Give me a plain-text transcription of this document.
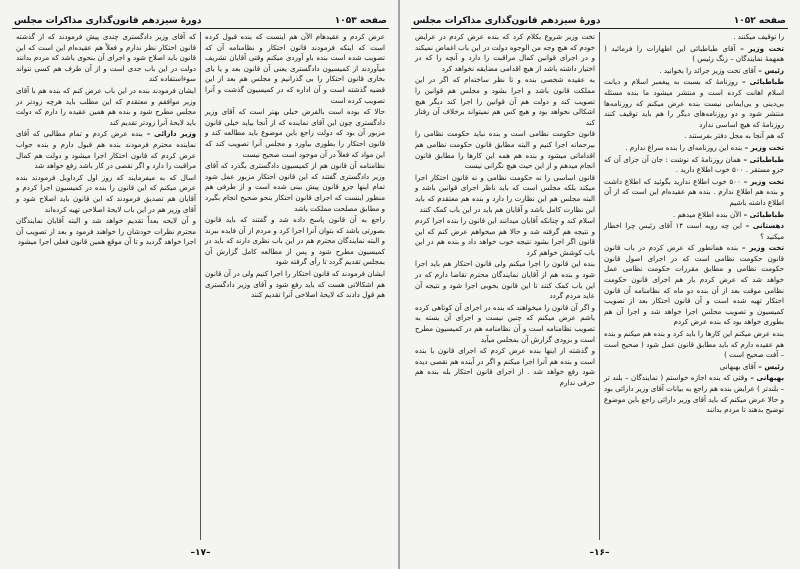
صفحه ۱۰۵۳
دورهٔ سیزدهم قانون‌گذاری مذاکرات مجلس

عرض کردم و عقیدهام الآن هم اینست که بنده قبول کرده است که اینکه فرمودند قانون احتکار و نظامنامه آن که تصویب شده است بنده باو آوردی میکنم وقتی آقایان تشریف میآوردند از کمیسیون دادگستری یعنی آن قانون بعد و یا بای بخاری قانون احتکار را بی گذرانیم و مجلس هم بعد از این قضیه گذشته است و آن اداره که در کمیسیون گذشت و آنرا تصویب کرده است

حالا که بوده است بالفرض خیلی بهتر است که آقای وزیر دادگستری چون این آقای نماینده که از آنجا بیاید خیلی قانون مزبور آن بود که دولت راجع باین موضوع باید مطالعه کند و قانون احتکار را بطوری بیاورد و مجلس آنرا تصویب کند که این مواد که فعلاً در آن موجود است صحیح نیست

نظامنامه آن قانون هم از کمیسیون دادگستری بگذرد که آقای وزیر دادگستری گفتند که این قانون احتکار مزبور عمل شود تمام اینها جزو قانون پیش بینی شده است و از طرفی هم منظور اینست که اجرای قانون احتکار بنحو صحیح انجام بگیرد و مطابق مصلحت مملکت باشد

راجع به آن قانون پاسخ داده شد و گفتند که باید قانون بصورتی باشد که بتوان آنرا اجرا کرد و مردم از آن فایده ببرند و البته نمایندگان محترم هم در این باب نظری دارند که باید در کمیسیون مطرح شود و پس از مطالعه کامل گزارش آن بمجلس تقدیم گردد تا رأی گرفته شود

ایشان فرمودند که قانون احتکار را اجرا کنیم ولی در آن قانون هم اشکالاتی هست که باید رفع شود و آقای وزیر دادگستری هم قول دادند که لایحهٔ اصلاحی آنرا تقدیم کنند

که آقای وزیر دادگستری چندی پیش فرمودند که از گذشته قانون احتکار نظر ندارم و فعلاً هم عقیده‌ام این است که این قانون باید اصلاح شود و اجرای آن بنحوی باشد که مردم بدانند دولت در این باب جدی است و از آن طرف هم کسی نتواند سوءاستفاده کند

ایشان فرمودند بنده در این باب عرض کنم که بنده هم با آقای وزیر موافقم و معتقدم که این مطلب باید هرچه زودتر در مجلس مطرح شود و بنده هم همین عقیده را دارم که دولت باید لایحهٔ آنرا زودتر تقدیم کند

وزیر دارائی – بنده عرض کردم و تمام مطالبی که آقای نماینده محترم فرمودند بنده هم قبول دارم و بنده جواب عرض کردم که قانون احتکار اجرا میشود و دولت هم کمال مراقبت را دارد و اگر نقصی در کار باشد رفع خواهد شد

اسال که به میفرمایند که روز اول کرداوبل فرمودند بنده عرض میکنم که این قانون را بنده در کمیسیون اجرا کردم و آقایان هم تصدیق فرمودند که این قانون باید اصلاح شود و آقای وزیر هم در این باب لایحهٔ اصلاحی تهیه کرده‌اند

و آن لایحه بعداً تقدیم خواهد شد و البته آقایان نمایندگان محترم نظرات خودشان را خواهند فرمود و بعد از تصویب آن اجرا خواهد گردید و تا آن موقع همین قانون فعلی اجرا میشود

–۱۷–
صفحه ۱۰۵۲
دورهٔ سیزدهم قانون‌گذاری مذاکرات مجلس

را توقیف میکنند .

تخت وزیر – آقای طباطبائی این اظهارات را فرمائید ( همهمهٔ نمایندگان – زنگ رئیس )

رئیس – آقای تخت وزیر جرائد را بخوانید .

طباطبائی – روزنامهٔ که بسبت به پیغمبر اسلام و دیانت اسلام اهانت کرده است و منتشر میشود ما بنده مسئله بی‌دینی و بی‌ایمانی نیست بنده عرض میکنم که روزنامه‌ها منتشر شود و دو روزنامه‌های دیگر را هم باید توقیف کنند روزنامهٔ که هیچ اساسی ندارد

که هم آنجا به محل دفتر بفرستند .

تخت وزیر – بنده این روزنامه‌ای را بنده سراغ ندارم .

طباطبائی – همان روزنامهٔ که نوشت : جان آن جزای آن که جزوِ مستقر . ۵۰۰ خوب اطلاع دارید .

تخت وزیر – ۵۰۰ خوب اطلاع ندارید بگوئید که اطلاع داشت و بنده هم اطلاع ندارم . بنده هم عقیده‌ام این است که از آن اطلاع داشته باشیم

طباطبائی – الآن بنده اطلاع میدهم .

دهستانی – این چه رویه است ۱۴ آقای رئیس چرا اخطار میکنید ؟

تخت وزیر – بنده همانطور که عرض کردم در باب قانون قانون حکومت نظامی است که در اجرای اصول قانون حکومت نظامی و مطابق مقررات حکومت نظامی عمل خواهد شد که عرض کردم بار هم اجرای قانون حکومت نظامی موقت بعد از آن بنده دو ماه که نظامنامه آن قانون احتکار تهیه شده است و آن قانون احتکار بعد از تصویب کمیسیون و تصویب مجلس اجرا خواهد شد و اجرا آن هم بطوری خواهد بود که بنده عرض کردم

بنده عرض میکنم این کارها را باید کرد و بنده هم میکنم و بنده هم عقیده دارم که باید مطابق قانون عمل شود ( صحیح است – آفت صحیح است )

رئیس – آقای بهبهانی

بهبهانی – وقتی که بنده اجازه خواستم ( نمایندگان – بلند تر – بلندتر ) عرایض بنده هم راجع به بیانات آقای وزیر دارائی بود و حالا عرض میکنم که باید آقای وزیر دارائی راجع باین موضوع توضیح بدهند تا مردم بدانند

تخت وزیر شروع بکلام کرد که بنده عرض کردم در عرایض خودم که هیچ وجه من الوجوه دولت در این باب اغماض نمیکند و در اجرای قوانین کمال مراقبت را دارد و آنچه را که در اختیار داشته باشد از هیچ اقدامی مضایقه نخواهد کرد

به عقیده شخصی بنده و تا نظر ساخته‌ام که اگر در این مملکت قانون باشد و اجرا بشود و مجلس هم قوانین را تصویب کند و دولت هم آن قوانین را اجرا کند دیگر هیچ اشکالی نخواهد بود و هیچ کس هم نمیتواند برخلاف آن رفتار کند

قانون حکومت نظامی است و بنده نباید حکومت نظامی را بیرحمانه اجرا کنیم و البته مطابق قانون حکومت نظامی هم اقداماتی میشود و بنده هم همه این کارها را مطابق قانون انجام میدهم و از این حیث هیچ نگرانی نیست

قانون اساسی را نه حکومت نظامی و نه قانون احتکار اجرا میکند بلکه مجلس است که باید ناظر اجرای قوانین باشد و البته مجلس هم این نظارت را دارد و بنده هم معتقدم که باید این نظارت کامل باشد و آقایان هم باید در این باب کمک کنند

اسلام کند و چنانکه آقایان میدانند این قانون را بنده اجرا کردم و نتیجه هم گرفته شد و حالا هم میخواهم عرض کنم که این قانون اگر اجرا بشود نتیجه خوب خواهد داد و بنده هم در این باب کوشش خواهم کرد

بنده این قانون را اجرا میکنم ولی قانون احتکار هم باید اجرا شود و بنده هم از آقایان نمایندگان محترم تقاضا دارم که در این باب کمک کنند تا این قانون بخوبی اجرا شود و نتیجه آن عاید مردم گردد

و اگر آن قانون را میخواهند که بنده در اجرای آن کوتاهی کرده باشم عرض میکنم که چنین نیست و اجرای آن بسته به تصویب نظامنامه است و آن نظامنامه هم در کمیسیون مطرح است و بزودی گزارش آن بمجلس میآید

و گذشته از اینها بنده عرض کردم که اجرای قانون با بنده است و بنده هم آنرا اجرا میکنم و اگر در آینده هم نقصی دیده شود رفع خواهد شد . از اجرای قانون احتکار بله بنده هم حرفی ندارم

–۱۶–
